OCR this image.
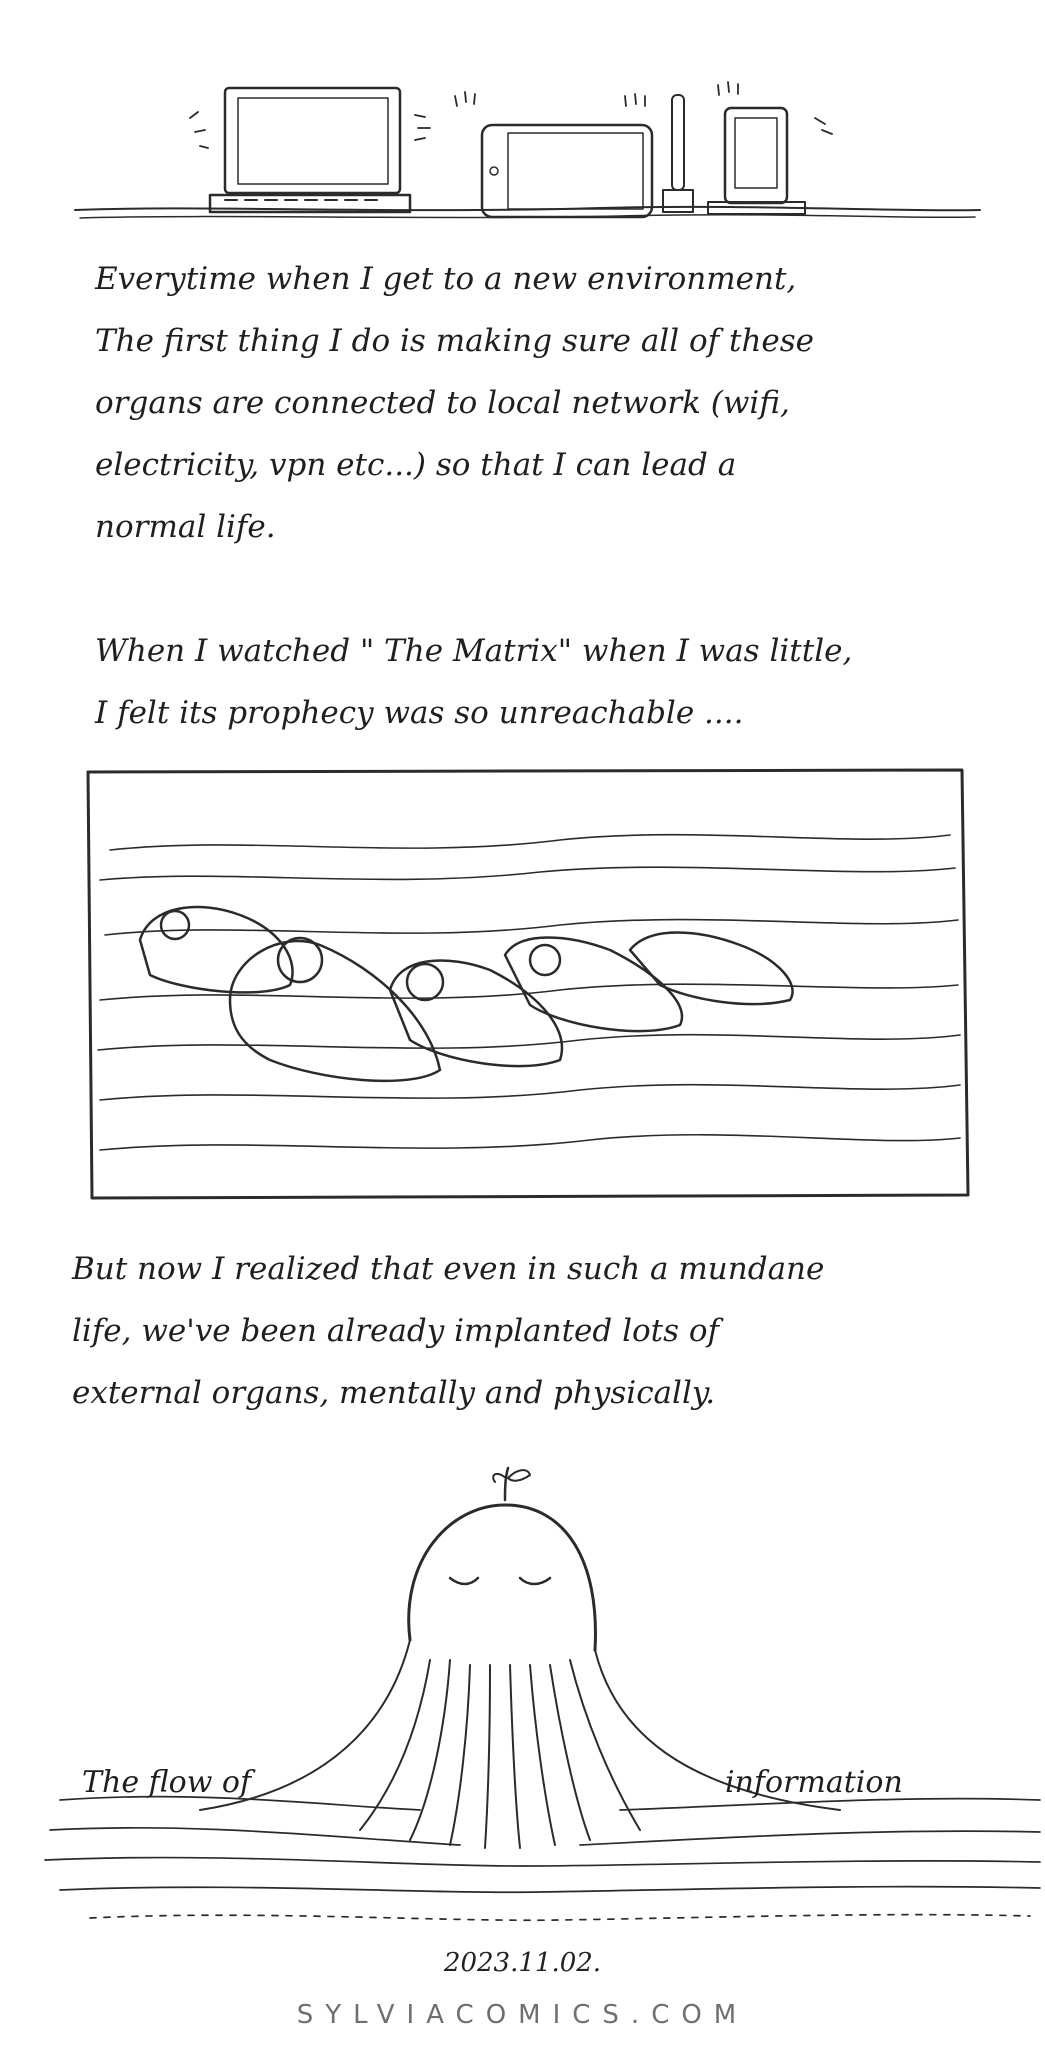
Everytime when I get to a new environment,
The first thing I do is making sure all of these
organs are connected to local network (wifi,
electricity, vpn etc...) so that I can lead a
normal life.
When I watched " The Matrix" when I was little,
I felt its prophecy was so unreachable ....
But now I realized that even in such a mundane
life, we've been already implanted lots of
external organs, mentally and physically.
The flow of	information
2023.11.02.
SYLVIACOMICS.COM
